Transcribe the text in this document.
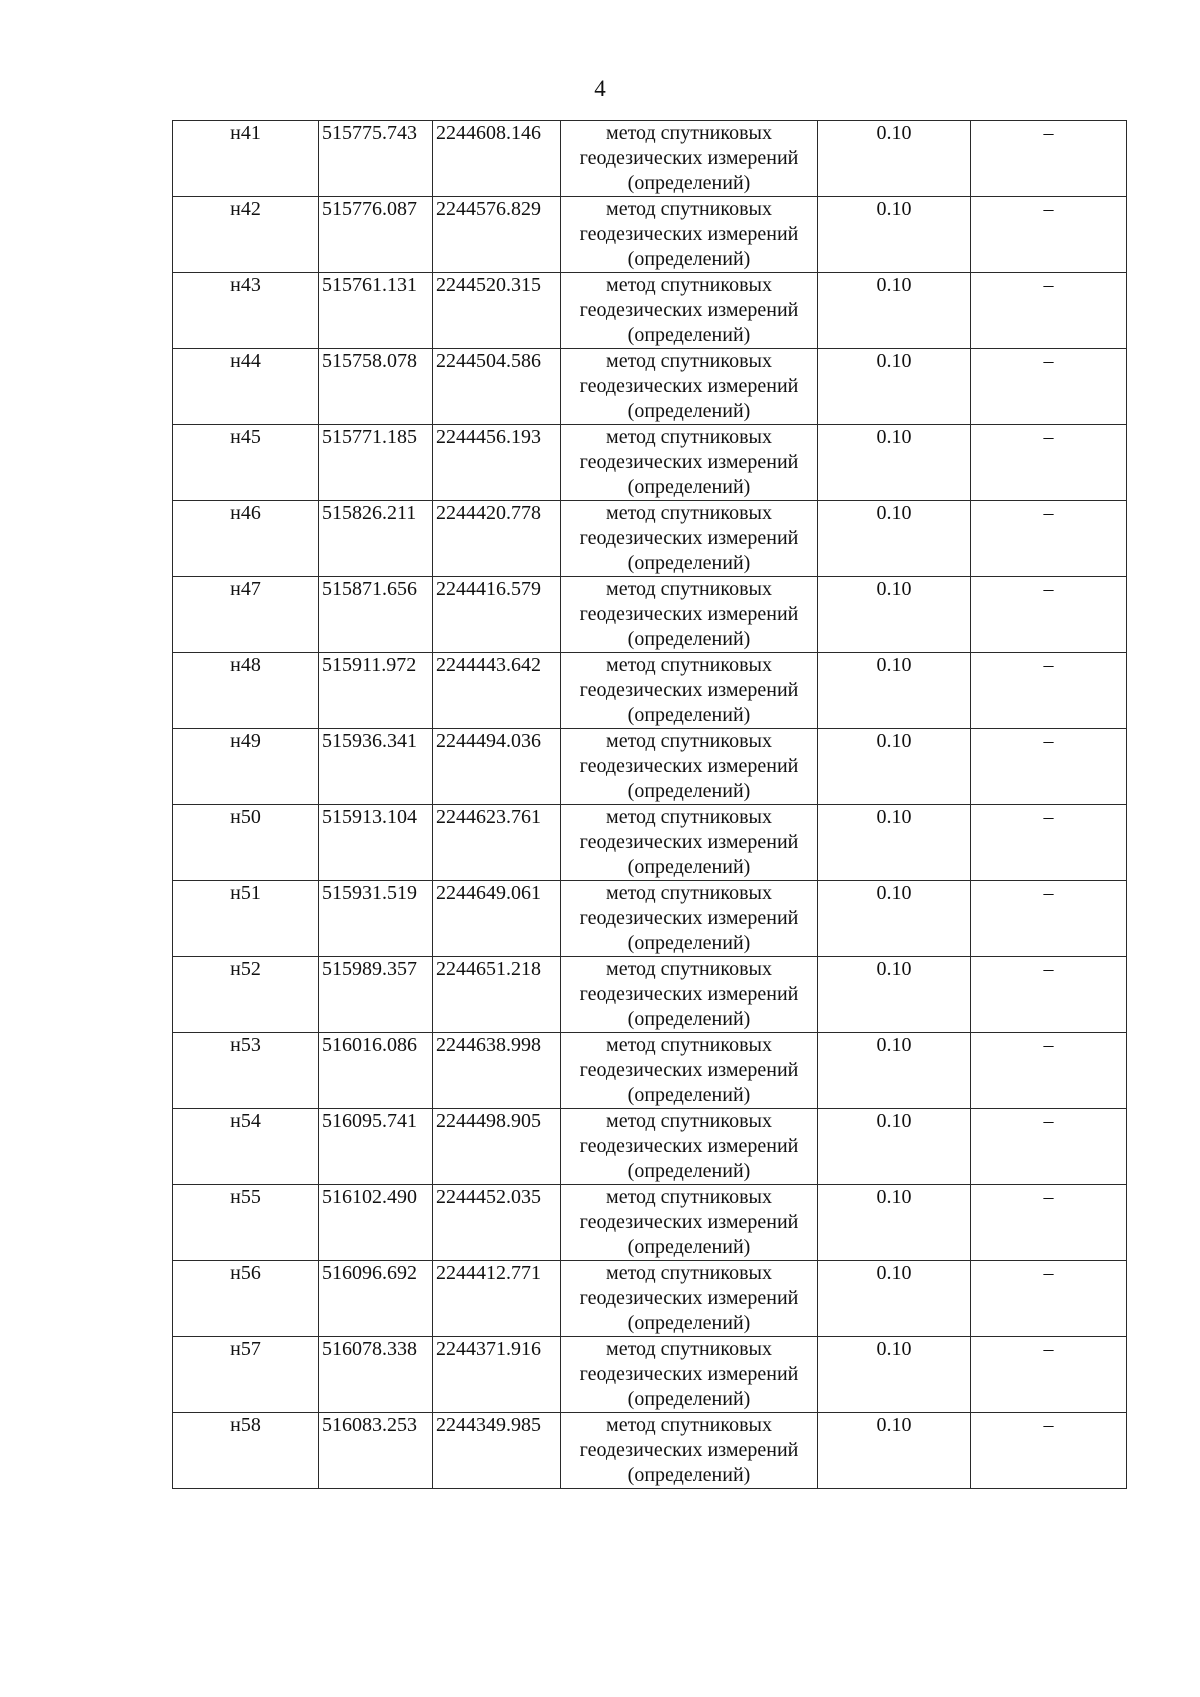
4
н41	515775.743	2244608.146	метод спутниковых
геодезических измерений
(определений)	0.10	–
н42	515776.087	2244576.829	метод спутниковых
геодезических измерений
(определений)	0.10	–
н43	515761.131	2244520.315	метод спутниковых
геодезических измерений
(определений)	0.10	–
н44	515758.078	2244504.586	метод спутниковых
геодезических измерений
(определений)	0.10	–
н45	515771.185	2244456.193	метод спутниковых
геодезических измерений
(определений)	0.10	–
н46	515826.211	2244420.778	метод спутниковых
геодезических измерений
(определений)	0.10	–
н47	515871.656	2244416.579	метод спутниковых
геодезических измерений
(определений)	0.10	–
н48	515911.972	2244443.642	метод спутниковых
геодезических измерений
(определений)	0.10	–
н49	515936.341	2244494.036	метод спутниковых
геодезических измерений
(определений)	0.10	–
н50	515913.104	2244623.761	метод спутниковых
геодезических измерений
(определений)	0.10	–
н51	515931.519	2244649.061	метод спутниковых
геодезических измерений
(определений)	0.10	–
н52	515989.357	2244651.218	метод спутниковых
геодезических измерений
(определений)	0.10	–
н53	516016.086	2244638.998	метод спутниковых
геодезических измерений
(определений)	0.10	–
н54	516095.741	2244498.905	метод спутниковых
геодезических измерений
(определений)	0.10	–
н55	516102.490	2244452.035	метод спутниковых
геодезических измерений
(определений)	0.10	–
н56	516096.692	2244412.771	метод спутниковых
геодезических измерений
(определений)	0.10	–
н57	516078.338	2244371.916	метод спутниковых
геодезических измерений
(определений)	0.10	–
н58	516083.253	2244349.985	метод спутниковых
геодезических измерений
(определений)	0.10	–
